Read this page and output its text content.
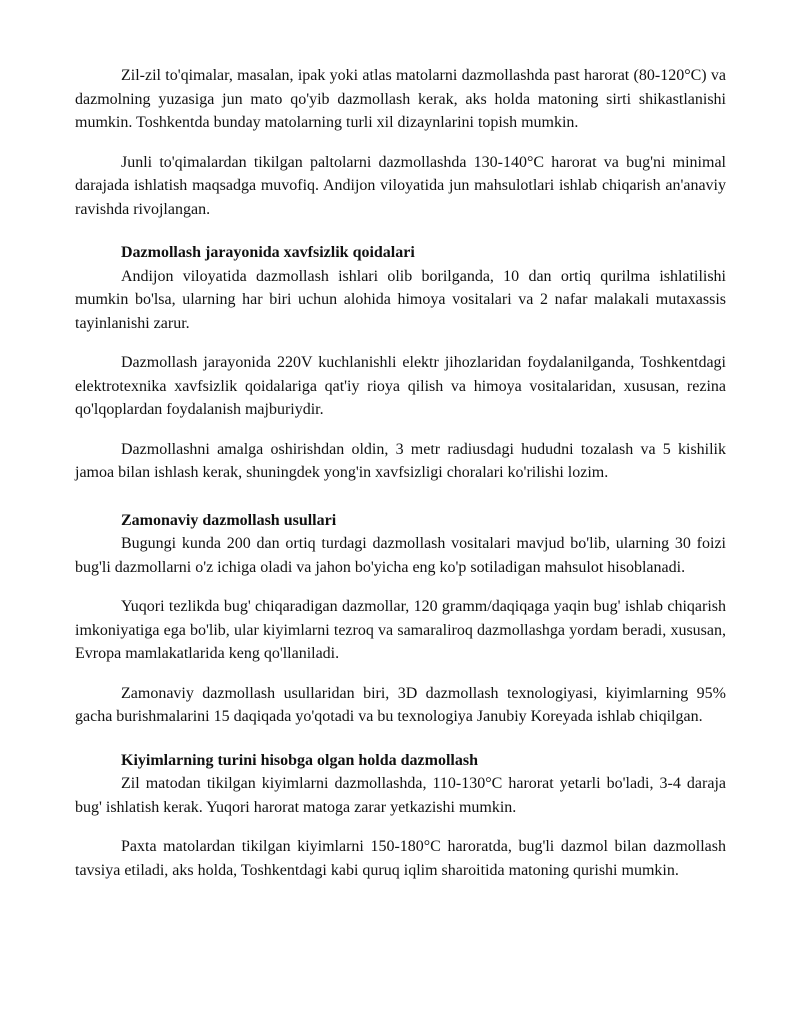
Zil-zil to'qimalar, masalan, ipak yoki atlas matolarni dazmollashda past harorat (80-120°C) va dazmolning yuzasiga jun mato qo'yib dazmollash kerak, aks holda matoning sirti shikastlanishi mumkin. Toshkentda bunday matolarning turli xil dizaynlarini topish mumkin.

Junli to'qimalardan tikilgan paltolarni dazmollashda 130-140°C harorat va bug'ni minimal darajada ishlatish maqsadga muvofiq. Andijon viloyatida jun mahsulotlari ishlab chiqarish an'anaviy ravishda rivojlangan.

Dazmollash jarayonida xavfsizlik qoidalari

Andijon viloyatida dazmollash ishlari olib borilganda, 10 dan ortiq qurilma ishlatilishi mumkin bo'lsa, ularning har biri uchun alohida himoya vositalari va 2 nafar malakali mutaxassis tayinlanishi zarur.

Dazmollash jarayonida 220V kuchlanishli elektr jihozlaridan foydalanilganda, Toshkentdagi elektrotexnika xavfsizlik qoidalariga qat'iy rioya qilish va himoya vositalaridan, xususan, rezina qo'lqoplardan foydalanish majburiydir.

Dazmollashni amalga oshirishdan oldin, 3 metr radiusdagi hududni tozalash va 5 kishilik jamoa bilan ishlash kerak, shuningdek yong'in xavfsizligi choralari ko'rilishi lozim.

Zamonaviy dazmollash usullari

Bugungi kunda 200 dan ortiq turdagi dazmollash vositalari mavjud bo'lib, ularning 30 foizi bug'li dazmollarni o'z ichiga oladi va jahon bo'yicha eng ko'p sotiladigan mahsulot hisoblanadi.

Yuqori tezlikda bug' chiqaradigan dazmollar, 120 gramm/daqiqaga yaqin bug' ishlab chiqarish imkoniyatiga ega bo'lib, ular kiyimlarni tezroq va samaraliroq dazmollashga yordam beradi, xususan, Evropa mamlakatlarida keng qo'llaniladi.

Zamonaviy dazmollash usullaridan biri, 3D dazmollash texnologiyasi, kiyimlarning 95% gacha burishmalarini 15 daqiqada yo'qotadi va bu texnologiya Janubiy Koreyada ishlab chiqilgan.

Kiyimlarning turini hisobga olgan holda dazmollash

Zil matodan tikilgan kiyimlarni dazmollashda, 110-130°C harorat yetarli bo'ladi, 3-4 daraja bug' ishlatish kerak. Yuqori harorat matoga zarar yetkazishi mumkin.

Paxta matolardan tikilgan kiyimlarni 150-180°C haroratda, bug'li dazmol bilan dazmollash tavsiya etiladi, aks holda, Toshkentdagi kabi quruq iqlim sharoitida matoning qurishi mumkin.
